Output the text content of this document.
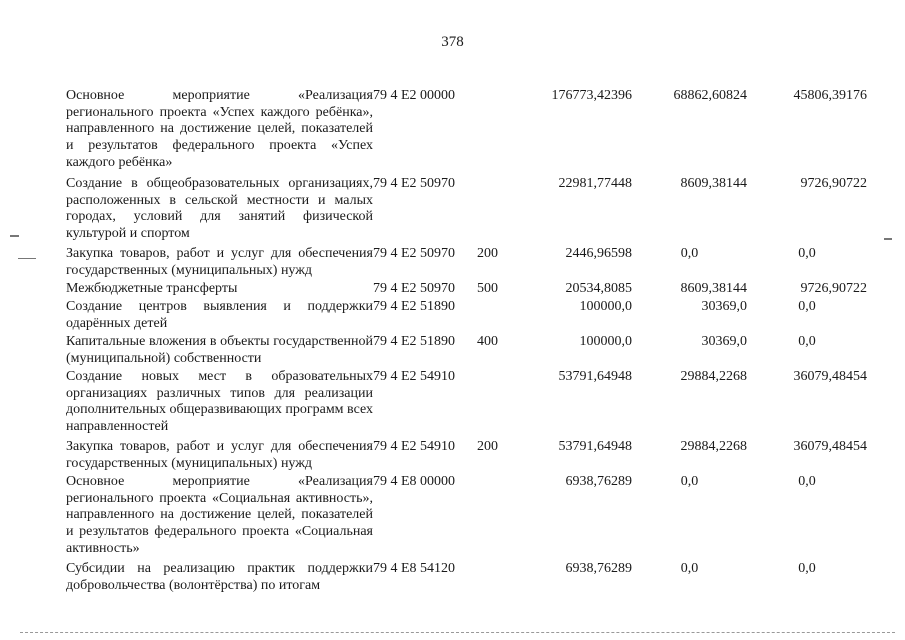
378
Основное мероприятие «Реализация регионального проекта «Успех каждого ребёнка», направленного на достижение целей, показателей и результатов федерального проекта «Успех каждого ребёнка»	79 4 E2 00000		176773,42396	68862,60824	45806,39176
Создание в общеобразовательных организациях, расположенных в сельской местности и малых городах, условий для занятий физической культурой и спортом	79 4 E2 50970		22981,77448	8609,38144	9726,90722
Закупка товаров, работ и услуг для обеспечения государственных (муниципальных) нужд	79 4 E2 50970	200	2446,96598	0,0	0,0
Межбюджетные трансферты	79 4 E2 50970	500	20534,8085	8609,38144	9726,90722
Создание центров выявления и поддержки одарённых детей	79 4 E2 51890		100000,0	30369,0	0,0
Капитальные вложения в объекты государственной (муниципальной) собственности	79 4 E2 51890	400	100000,0	30369,0	0,0
Создание новых мест в образовательных организациях различных типов для реализации дополнительных общеразвивающих программ всех направленностей	79 4 E2 54910		53791,64948	29884,2268	36079,48454
Закупка товаров, работ и услуг для обеспечения государственных (муниципальных) нужд	79 4 E2 54910	200	53791,64948	29884,2268	36079,48454
Основное мероприятие «Реализация регионального проекта «Социальная активность», направленного на достижение целей, показателей и результатов федерального проекта «Социальная активность»	79 4 E8 00000		6938,76289	0,0	0,0
Субсидии на реализацию практик поддержки добровольчества (волонтёрства) по итогам	79 4 E8 54120		6938,76289	0,0	0,0
